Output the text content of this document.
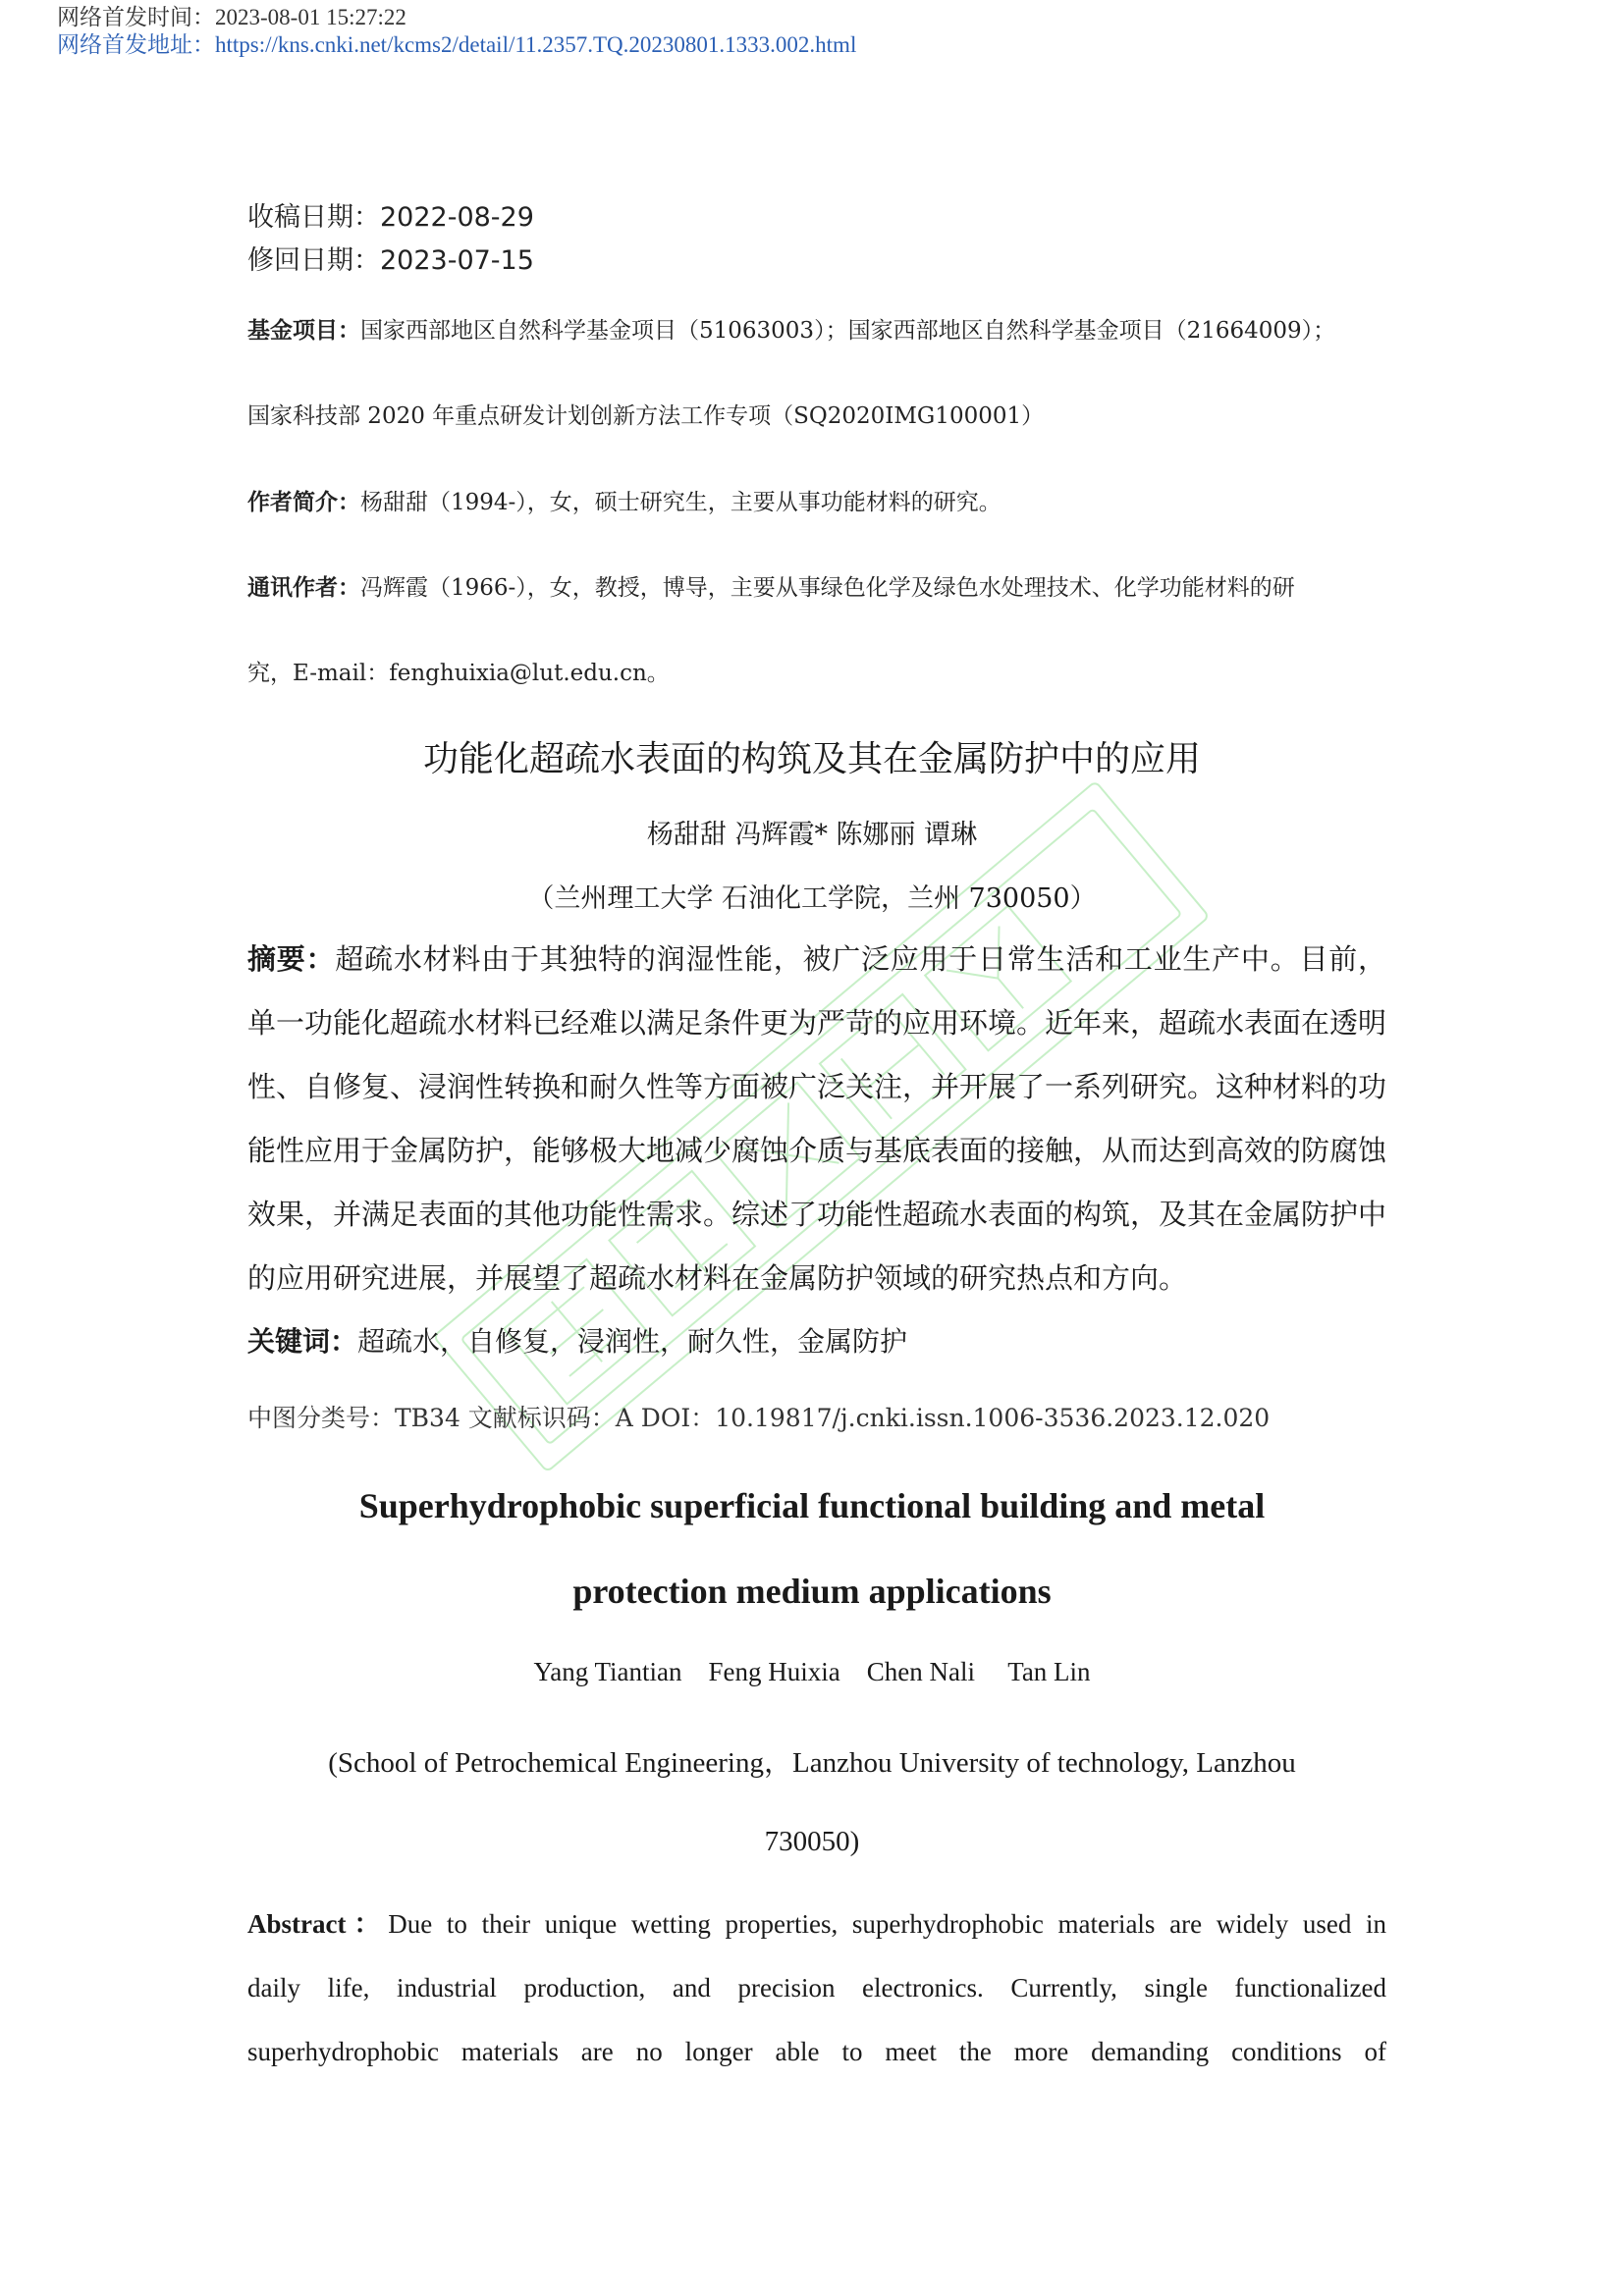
网络首发时间：2023-08-01 15:27:22
网络首发地址：https://kns.cnki.net/kcms2/detail/11.2357.TQ.20230801.1333.002.html
收稿日期：2022-08-29
修回日期：2023-07-15
基金项目：国家西部地区自然科学基金项目（51063003）；国家西部地区自然科学基金项目（21664009）；
国家科技部 2020 年重点研发计划创新方法工作专项（SQ2020IMG100001）
作者简介：杨甜甜（1994-），女，硕士研究生，主要从事功能材料的研究。
通讯作者：冯辉霞（1966-），女，教授，博导，主要从事绿色化学及绿色水处理技术、化学功能材料的研
究，E-mail：fenghuixia@lut.edu.cn。
功能化超疏水表面的构筑及其在金属防护中的应用
杨甜甜 冯辉霞* 陈娜丽 谭琳
（兰州理工大学 石油化工学院，兰州 730050）
摘要：超疏水材料由于其独特的润湿性能，被广泛应用于日常生活和工业生产中。目前，
单一功能化超疏水材料已经难以满足条件更为严苛的应用环境。近年来，超疏水表面在透明
性、自修复、浸润性转换和耐久性等方面被广泛关注，并开展了一系列研究。这种材料的功
能性应用于金属防护，能够极大地减少腐蚀介质与基底表面的接触，从而达到高效的防腐蚀
效果，并满足表面的其他功能性需求。综述了功能性超疏水表面的构筑，及其在金属防护中
的应用研究进展，并展望了超疏水材料在金属防护领域的研究热点和方向。
关键词：超疏水，自修复，浸润性，耐久性，金属防护
中图分类号：TB34 文献标识码：A DOI：10.19817/j.cnki.issn.1006-3536.2023.12.020
Superhydrophobic superficial functional building and metal
protection medium applications
Yang Tiantian    Feng Huixia    Chen Nali     Tan Lin
(School of Petrochemical Engineering，Lanzhou University of technology, Lanzhou
730050)
Abstract：Due to their unique wetting properties, superhydrophobic materials are widely used in
daily life, industrial production, and precision electronics. Currently, single functionalized
superhydrophobic materials are no longer able to meet the more demanding conditions of
